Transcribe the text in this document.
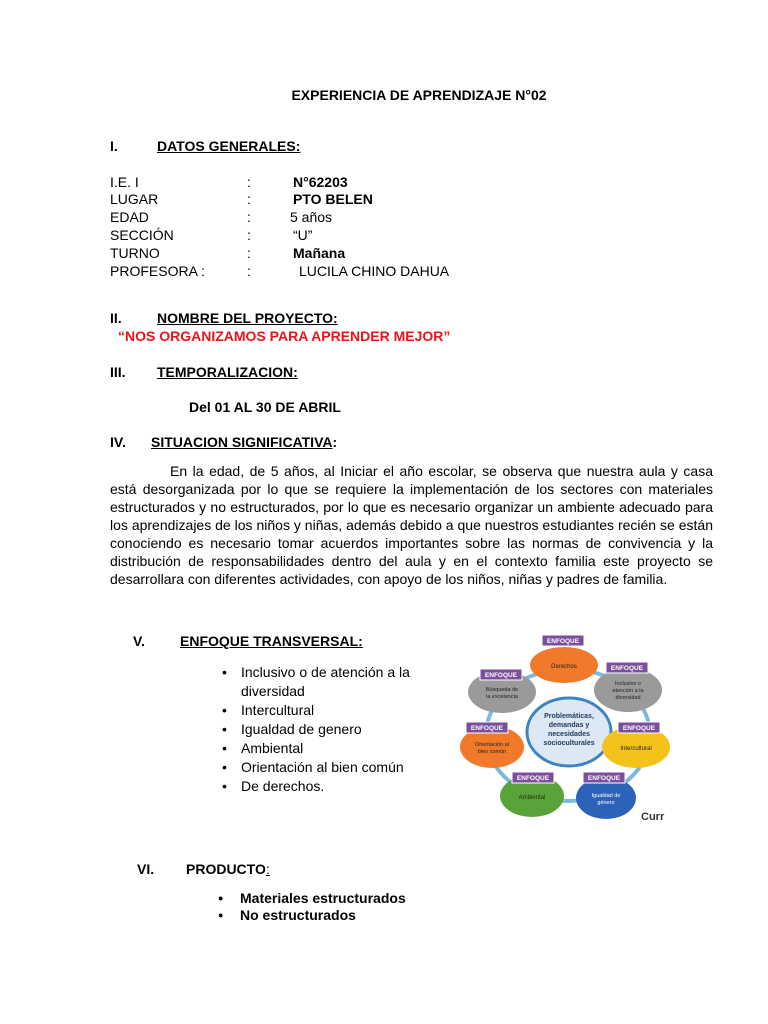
EXPERIENCIA DE APRENDIZAJE N°02
I.	DATOS GENERALES:
I.E. I	:	N°62203
LUGAR	:	PTO BELEN
EDAD	:	5 años
SECCIÓN	:	“U”
TURNO	:	Mañana
PROFESORA :	:	LUCILA CHINO DAHUA
II.	NOMBRE DEL PROYECTO:
“NOS ORGANIZAMOS PARA APRENDER MEJOR”
III. TEMPORALIZACION:
Del 01 AL 30 DE ABRIL
IV. SITUACION SIGNIFICATIVA:
En la edad, de 5 años, al Iniciar el año escolar, se observa que nuestra aula y casa está desorganizada por lo que se requiere la implementación de los sectores con materiales estructurados y no estructurados, por lo que es necesario organizar un ambiente adecuado para los aprendizajes de los niños y niñas, además debido a que nuestros estudiantes recién se están conociendo es necesario tomar acuerdos importantes sobre las normas de convivencia y la distribución de responsabilidades dentro del aula y en el contexto familia este proyecto se desarrollara con diferentes actividades, con apoyo de los niños, niñas y padres de familia.
V.	ENFOQUE TRANSVERSAL:
• Inclusivo o de atención a la diversidad
• Intercultural
• Igualdad de genero
• Ambiental
• Orientación al bien común
• De derechos.
Problemáticas,
demandas y
necesidades
socioculturales
Derechos
ENFOQUE
Inclusivo o
atención a la
diversidad
ENFOQUE
Intercultural
ENFOQUE
Igualdad de
género
ENFOQUE
Ambiental
ENFOQUE
Orientación al
bien común
ENFOQUE
Búsqueda de
la excelencia
ENFOQUE
Curr
VI. PRODUCTO:
● Materiales estructurados
● No estructurados
